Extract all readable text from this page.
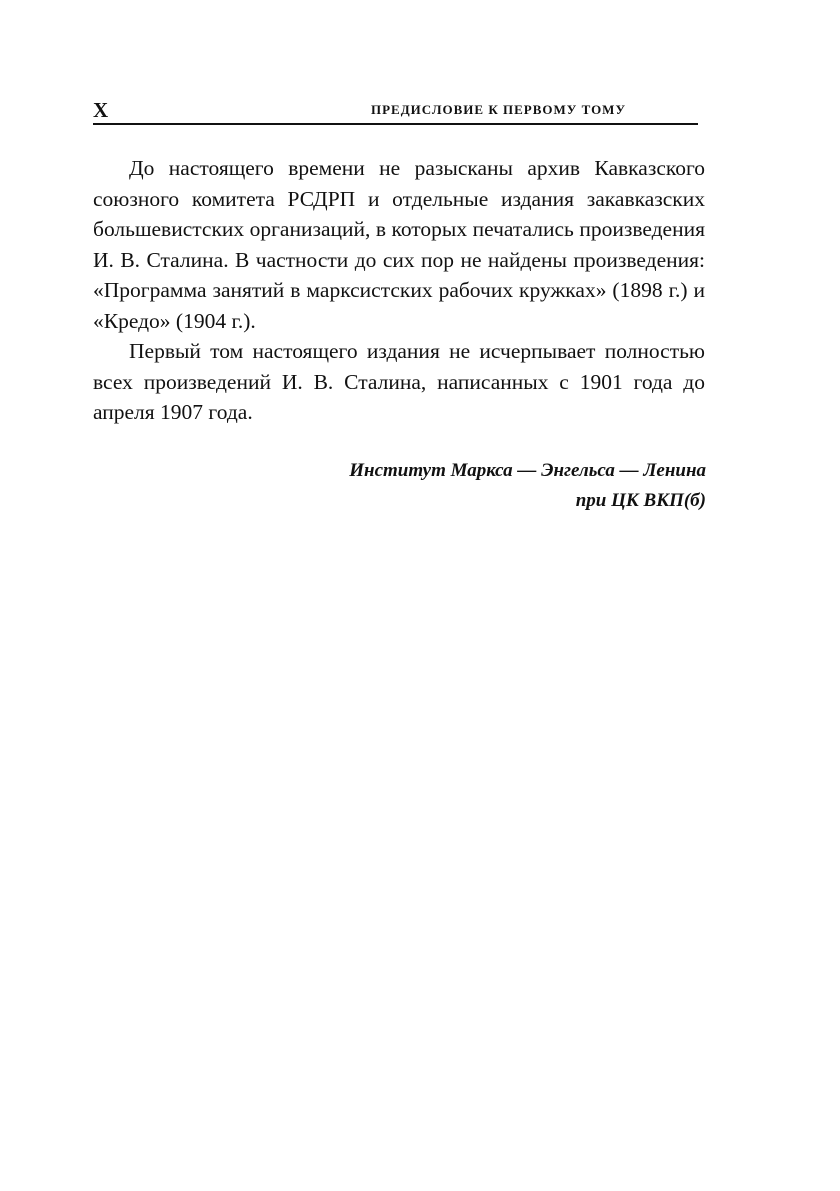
X	ПРЕДИСЛОВИЕ К ПЕРВОМУ ТОМУ

До настоящего времени не разысканы архив Кавказского союзного комитета РСДРП и отдельные издания закавказских большевистских организаций, в которых печатались произведения И. В. Сталина. В частности до сих пор не найдены произведения: «Программа занятий в марксистских рабочих кружках» (1898 г.) и «Кредо» (1904 г.).

Первый том настоящего издания не исчерпывает полностью всех произведений И. В. Сталина, написанных с 1901 года до апреля 1907 года.

Институт Маркса — Энгельса — Ленина
при ЦК ВКП(б)
